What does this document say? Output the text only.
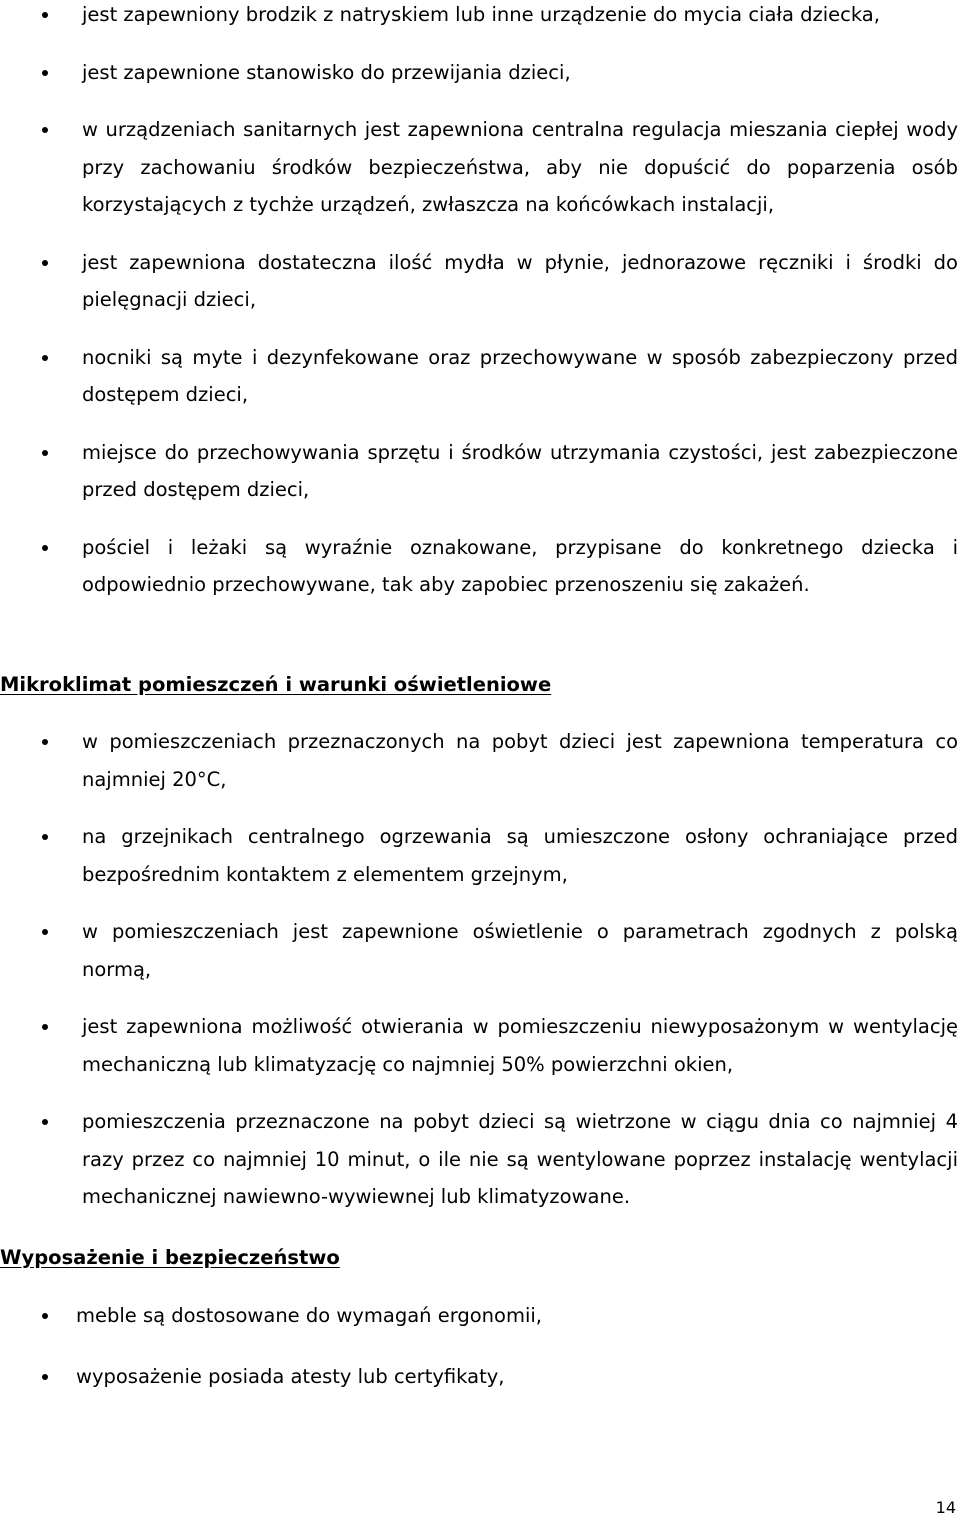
jest zapewniony brodzik z natryskiem lub inne urządzenie do mycia ciała dziecka,
jest zapewnione stanowisko do przewijania dzieci,
w urządzeniach sanitarnych jest zapewniona centralna regulacja mieszania ciepłej wody przy zachowaniu środków bezpieczeństwa, aby nie dopuścić do poparzenia osób korzystających z tychże urządzeń, zwłaszcza na końcówkach instalacji,
jest zapewniona dostateczna ilość mydła w płynie, jednorazowe ręczniki i środki do pielęgnacji dzieci,
nocniki są myte i dezynfekowane oraz przechowywane w sposób zabezpieczony przed dostępem dzieci,
miejsce do przechowywania sprzętu i środków utrzymania czystości, jest zabezpieczone przed dostępem dzieci,
pościel i leżaki są wyraźnie oznakowane, przypisane do konkretnego dziecka i odpowiednio przechowywane, tak aby zapobiec przenoszeniu się zakażeń.
Mikroklimat pomieszczeń i warunki oświetleniowe
w pomieszczeniach przeznaczonych na pobyt dzieci jest zapewniona temperatura co najmniej 20°C,
na grzejnikach centralnego ogrzewania są umieszczone osłony ochraniające przed bezpośrednim kontaktem z elementem grzejnym,
w pomieszczeniach jest zapewnione oświetlenie o parametrach zgodnych z polską normą,
jest zapewniona możliwość otwierania w pomieszczeniu niewyposażonym w wentylację mechaniczną lub klimatyzację co najmniej 50% powierzchni okien,
pomieszczenia przeznaczone na pobyt dzieci są wietrzone w ciągu dnia co najmniej 4 razy przez co najmniej 10 minut, o ile nie są wentylowane poprzez instalację wentylacji mechanicznej nawiewno-wywiewnej lub klimatyzowane.
Wyposażenie i bezpieczeństwo
meble są dostosowane do wymagań ergonomii,
wyposażenie posiada atesty lub certyfikaty,
14
